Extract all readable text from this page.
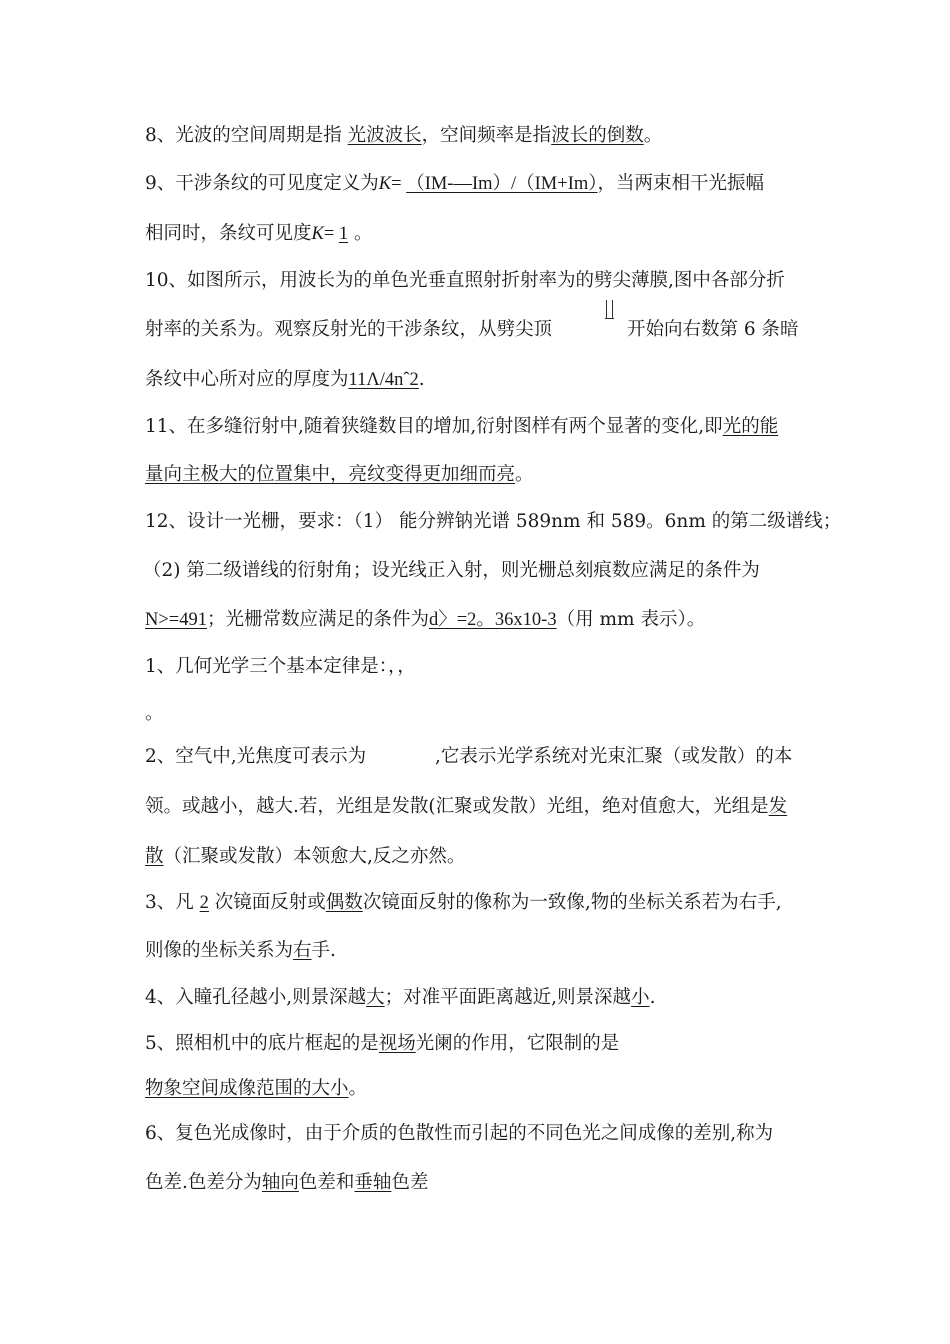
8、光波的空间周期是指 光波波长，空间频率是指波长的倒数。
9、干涉条纹的可见度定义为K= （IM-—Im）/（IM+Im），当两束相干光振幅
相同时，条纹可见度K= 1 。
10、如图所示，用波长为的单色光垂直照射折射率为的劈尖薄膜,图中各部分折
射率的关系为。观察反射光的干涉条纹，从劈尖顶	开始向右数第 6 条暗
条纹中心所对应的厚度为11Λ/4nˆ2.
11、在多缝衍射中,随着狭缝数目的增加,衍射图样有两个显著的变化,即光的能
量向主极大的位置集中，亮纹变得更加细而亮。
12、设计一光栅，要求：（1） 能分辨钠光谱 589nm 和 589。6nm 的第二级谱线；
（2) 第二级谱线的衍射角；设光线正入射，则光栅总刻痕数应满足的条件为
N>=491；光栅常数应满足的条件为d〉=2。36x10-3（用 mm 表示）。
1、几何光学三个基本定律是：，，
。
2、空气中,光焦度可表示为	,它表示光学系统对光束汇聚（或发散）的本
领。或越小，越大.若，光组是发散(汇聚或发散）光组，绝对值愈大，光组是发
散（汇聚或发散）本领愈大,反之亦然。
3、凡 2 次镜面反射或偶数次镜面反射的像称为一致像,物的坐标关系若为右手,
则像的坐标关系为右手.
4、入瞳孔径越小,则景深越大；对准平面距离越近,则景深越小.
5、照相机中的底片框起的是视场光阑的作用，它限制的是
物象空间成像范围的大小。
6、复色光成像时，由于介质的色散性而引起的不同色光之间成像的差别,称为
色差.色差分为轴向色差和垂轴色差
